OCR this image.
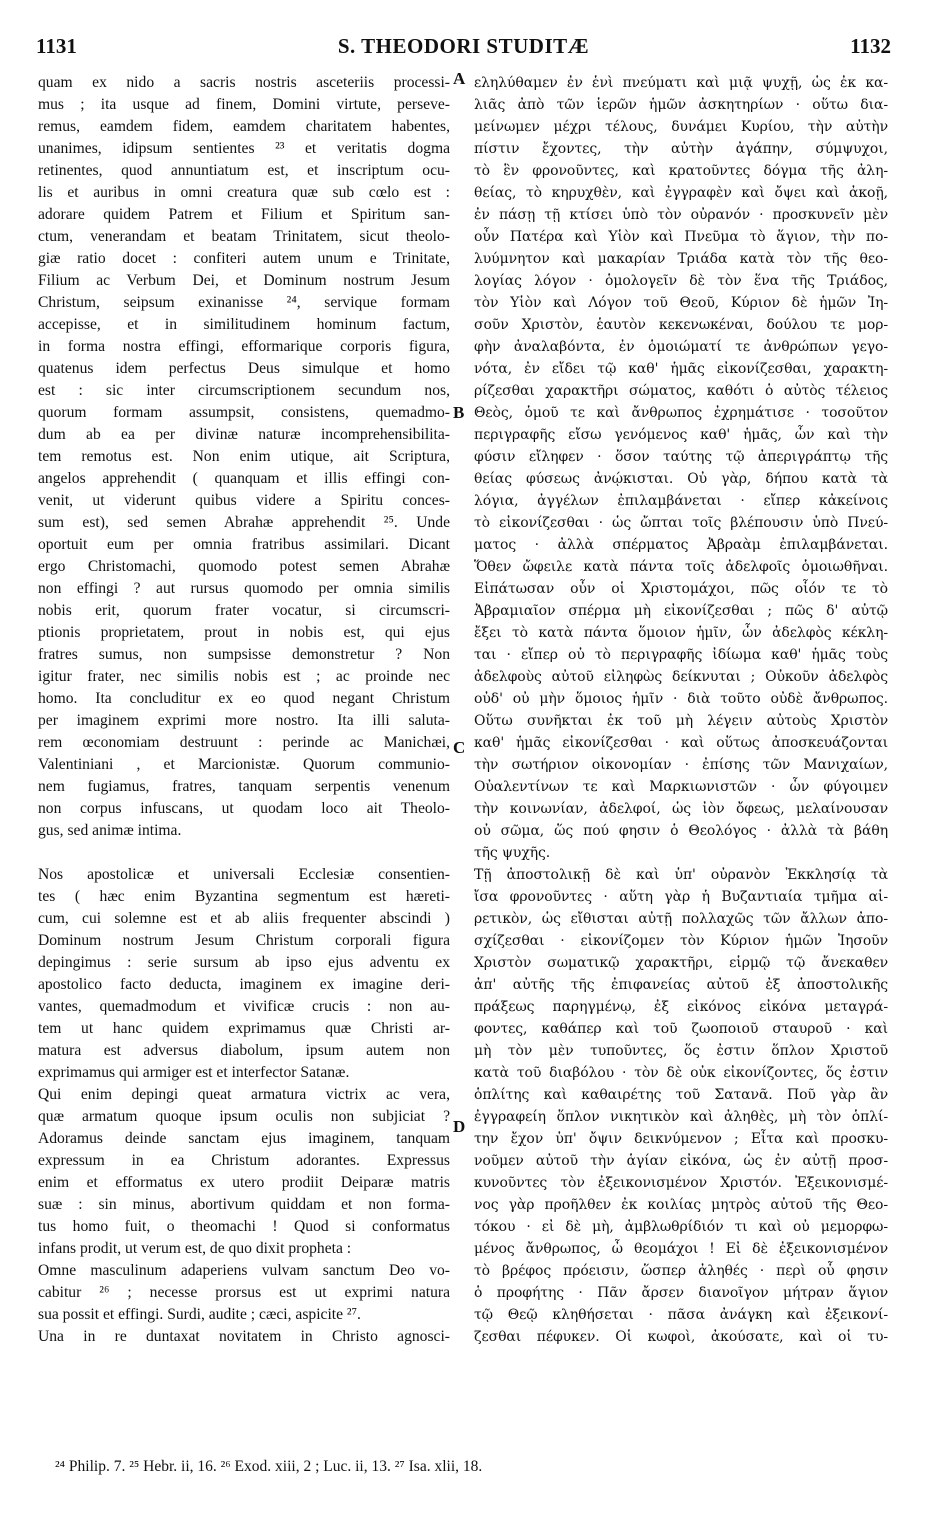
1131	S. THEODORI STUDITÆ	1132
quam ex nido a sacris nostris asceteriis processi-
mus ; ita usque ad finem, Domini virtute, perseve-
remus, eamdem fidem, eamdem charitatem habentes,
unanimes, idipsum sentientes ²³ et veritatis dogma
retinentes, quod annuntiatum est, et inscriptum ocu-
lis et auribus in omni creatura quæ sub cœlo est :
adorare quidem Patrem et Filium et Spiritum san-
ctum, venerandam et beatam Trinitatem, sicut theolo-
giæ ratio docet : confiteri autem unum e Trinitate,
Filium ac Verbum Dei, et Dominum nostrum Jesum
Christum, seipsum exinanisse ²⁴, servique formam
accepisse, et in similitudinem hominum factum,
in forma nostra effingi, efformarique corporis figura,
quatenus idem perfectus Deus simulque et homo
est : sic inter circumscriptionem secundum nos,
quorum formam assumpsit, consistens, quemadmo-
dum ab ea per divinæ naturæ incomprehensibilita-
tem remotus est. Non enim utique, ait Scriptura,
angelos apprehendit ( quanquam et illis effingi con-
venit, ut viderunt quibus videre a Spiritu conces-
sum est), sed semen Abrahæ apprehendit ²⁵. Unde
oportuit eum per omnia fratribus assimilari. Dicant
ergo Christomachi, quomodo potest semen Abrahæ
non effingi ? aut rursus quomodo per omnia similis
nobis erit, quorum frater vocatur, si circumscri-
ptionis proprietatem, prout in nobis est, qui ejus
fratres sumus, non sumpsisse demonstretur ? Non
igitur frater, nec similis nobis est ; ac proinde nec
homo. Ita concluditur ex eo quod negant Christum
per imaginem exprimi more nostro. Ita illi saluta-
rem œconomiam destruunt : perinde ac Manichæi,
Valentiniani , et Marcionistæ. Quorum communio-
nem fugiamus, fratres, tanquam serpentis venenum
non corpus infuscans, ut quodam loco ait Theolo-
gus, sed animæ intima.
Nos apostolicæ et universali Ecclesiæ consentien-
tes ( hæc enim Byzantina segmentum est hæreti-
cum, cui solemne est et ab aliis frequenter abscindi )
Dominum nostrum Jesum Christum corporali figura
depingimus : serie sursum ab ipso ejus adventu ex
apostolico facto deducta, imaginem ex imagine deri-
vantes, quemadmodum et vivificæ crucis : non au-
tem ut hanc quidem exprimamus quæ Christi ar-
matura est adversus diabolum, ipsum autem non
exprimamus qui armiger est et interfector Satanæ.
Qui enim depingi queat armatura victrix ac vera,
quæ armatum quoque ipsum oculis non subjiciat ?
Adoramus deinde sanctam ejus imaginem, tanquam
expressum in ea Christum adorantes. Expressus
enim et efformatus ex utero prodiit Deiparæ matris
suæ : sin minus, abortivum quiddam et non forma-
tus homo fuit, o theomachi ! Quod si conformatus
infans prodit, ut verum est, de quo dixit propheta :
Omne masculinum adaperiens vulvam sanctum Deo vo-
cabitur ²⁶ ; necesse prorsus est ut exprimi natura
sua possit et effingi. Surdi, audite ; cæci, aspicite ²⁷.
Una in re duntaxat novitatem in Christo agnosci-
εληλύθαμεν ἐν ἑνὶ πνεύματι καὶ μιᾷ ψυχῇ, ὡς ἐκ κα-
λιᾶς ἀπὸ τῶν ἱερῶν ἡμῶν ἀσκητηρίων · οὕτω δια-
μείνωμεν μέχρι τέλους, δυνάμει Κυρίου, τὴν αὐτὴν
πίστιν ἔχοντες, τὴν αὐτὴν ἀγάπην, σύμψυχοι,
τὸ ἓν φρονοῦντες, καὶ κρατοῦντες δόγμα τῆς ἀλη-
θείας, τὸ κηρυχθὲν, καὶ ἐγγραφὲν καὶ ὄψει καὶ ἀκοῇ,
ἐν πάσῃ τῇ κτίσει ὑπὸ τὸν οὐρανόν · προσκυνεῖν μὲν
οὖν Πατέρα καὶ Υἱὸν καὶ Πνεῦμα τὸ ἅγιον, τὴν πο-
λυύμνητον καὶ μακαρίαν Τριάδα κατὰ τὸν τῆς θεο-
λογίας λόγον · ὁμολογεῖν δὲ τὸν ἕνα τῆς Τριάδος,
τὸν Υἱὸν καὶ Λόγον τοῦ Θεοῦ, Κύριον δὲ ἡμῶν Ἰη-
σοῦν Χριστὸν, ἑαυτὸν κεκενωκέναι, δούλου τε μορ-
φὴν ἀναλαβόντα, ἐν ὁμοιώματί τε ἀνθρώπων γεγο-
νότα, ἐν εἴδει τῷ καθ' ἡμᾶς εἰκονίζεσθαι, χαρακτη-
ρίζεσθαι χαρακτῆρι σώματος, καθότι ὁ αὐτὸς τέλειος
Θεὸς, ὁμοῦ τε καὶ ἄνθρωπος ἐχρημάτισε · τοσοῦτον
περιγραφῆς εἴσω γενόμενος καθ' ἡμᾶς, ὧν καὶ τὴν
φύσιν εἴληφεν · ὅσον ταύτης τῷ ἀπεριγράπτῳ τῆς
θείας φύσεως ἀνῴκισται. Οὐ γὰρ, δήπου κατὰ τὰ
λόγια, ἀγγέλων ἐπιλαμβάνεται · εἴπερ κἀκείνοις
τὸ εἰκονίζεσθαι · ὡς ὤπται τοῖς βλέπουσιν ὑπὸ Πνεύ-
ματος · ἀλλὰ σπέρματος Ἀβραὰμ ἐπιλαμβάνεται.
Ὅθεν ὤφειλε κατὰ πάντα τοῖς ἀδελφοῖς ὁμοιωθῆναι.
Εἰπάτωσαν οὖν οἱ Χριστομάχοι, πῶς οἷόν τε τὸ
Ἀβραμιαῖον σπέρμα μὴ εἰκονίζεσθαι ; πῶς δ' αὐτῷ
ἔξει τὸ κατὰ πάντα ὅμοιον ἡμῖν, ὧν ἀδελφὸς κέκλη-
ται · εἴπερ οὐ τὸ περιγραφῆς ἰδίωμα καθ' ἡμᾶς τοὺς
ἀδελφοὺς αὐτοῦ εἰληφὼς δείκνυται ; Οὐκοῦν ἀδελφὸς
οὐδ' οὐ μὴν ὅμοιος ἡμῖν · διὰ τοῦτο οὐδὲ ἄνθρωπος.
Οὕτω συνῆκται ἐκ τοῦ μὴ λέγειν αὐτοὺς Χριστὸν
καθ' ἡμᾶς εἰκονίζεσθαι · καὶ οὕτως ἀποσκευάζονται
τὴν σωτήριον οἰκονομίαν · ἐπίσης τῶν Μανιχαίων,
Οὐαλεντίνων τε καὶ Μαρκιωνιστῶν · ὧν φύγοιμεν
τὴν κοινωνίαν, ἀδελφοί, ὡς ἰὸν ὄφεως, μελαίνουσαν
οὐ σῶμα, ὥς πού φησιν ὁ Θεολόγος · ἀλλὰ τὰ βάθη
τῆς ψυχῆς.
Τῇ ἀποστολικῇ δὲ καὶ ὑπ' οὐρανὸν Ἐκκλησίᾳ τὰ
ἴσα φρονοῦντες · αὕτη γὰρ ἡ Βυζαντιαία τμῆμα αἱ-
ρετικὸν, ὡς εἴθισται αὐτῇ πολλαχῶς τῶν ἄλλων ἀπο-
σχίζεσθαι · εἰκονίζομεν τὸν Κύριον ἡμῶν Ἰησοῦν
Χριστὸν σωματικῷ χαρακτῆρι, εἱρμῷ τῷ ἄνεκαθεν
ἀπ' αὐτῆς τῆς ἐπιφανείας αὐτοῦ ἐξ ἀποστολικῆς
πράξεως παρηγμένῳ, ἐξ εἰκόνος εἰκόνα μεταγρά-
φοντες, καθάπερ καὶ τοῦ ζωοποιοῦ σταυροῦ · καὶ
μὴ τὸν μὲν τυποῦντες, ὅς ἐστιν ὅπλον Χριστοῦ
κατὰ τοῦ διαβόλου · τὸν δὲ οὐκ εἰκονίζοντες, ὅς ἐστιν
ὁπλίτης καὶ καθαιρέτης τοῦ Σατανᾶ. Ποῦ γὰρ ἂν
ἐγγραφείη ὅπλον νικητικὸν καὶ ἀληθὲς, μὴ τὸν ὁπλί-
την ἔχον ὑπ' ὄψιν δεικνύμενον ; Εἶτα καὶ προσκυ-
νοῦμεν αὐτοῦ τὴν ἁγίαν εἰκόνα, ὡς ἐν αὐτῇ προσ-
κυνοῦντες τὸν ἐξεικονισμένον Χριστόν. Ἐξεικονισμέ-
νος γὰρ προῆλθεν ἐκ κοιλίας μητρὸς αὐτοῦ τῆς Θεο-
τόκου · εἰ δὲ μὴ, ἀμβλωθρίδιόν τι καὶ οὐ μεμορφω-
μένος ἄνθρωπος, ὦ θεομάχοι ! Εἰ δὲ ἐξεικονισμένον
τὸ βρέφος πρόεισιν, ὥσπερ ἀληθές · περὶ οὗ φησιν
ὁ προφήτης · Πᾶν ἄρσεν διανοῖγον μήτραν ἅγιον
τῷ Θεῷ κληθήσεται · πᾶσα ἀνάγκη καὶ ἐξεικονί-
ζεσθαι πέφυκεν. Οἱ κωφοὶ, ἀκούσατε, καὶ οἱ τυ-
A
B
C
D
²⁴ Philip. 7. ²⁵ Hebr. ii, 16. ²⁶ Exod. xiii, 2 ; Luc. ii, 13. ²⁷ Isa. xlii, 18.
